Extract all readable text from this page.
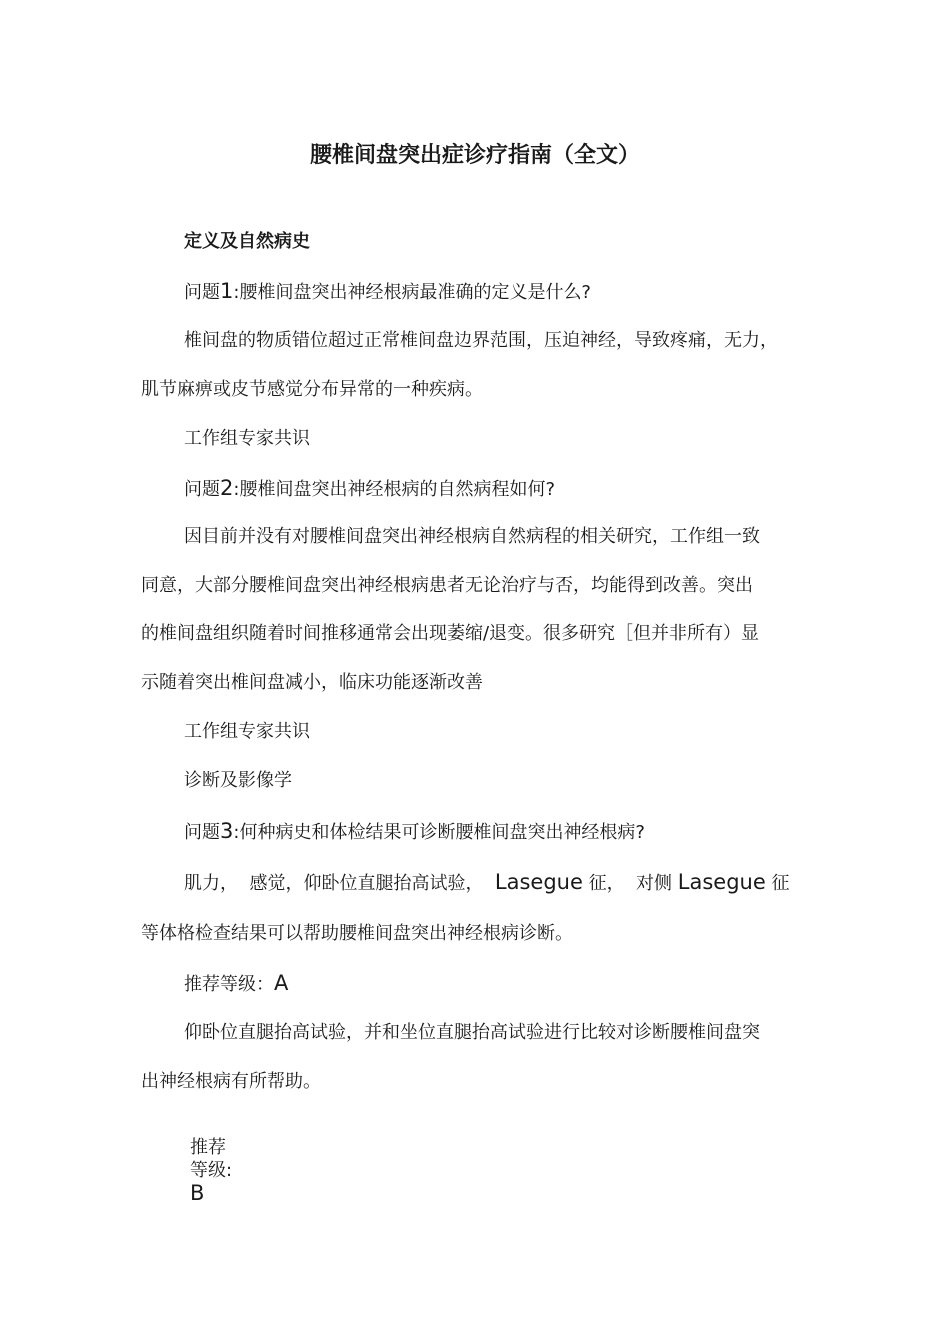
腰椎间盘突出症诊疗指南（全文）
定义及自然病史
问题1:腰椎间盘突出神经根病最准确的定义是什么?
椎间盘的物质错位超过正常椎间盘边界范围，压迫神经，导致疼痛，无力，
肌节麻痹或皮节感觉分布异常的一种疾病。
工作组专家共识
问题2:腰椎间盘突出神经根病的自然病程如何?
因目前并没有对腰椎间盘突出神经根病自然病程的相关研究，工作组一致
同意，大部分腰椎间盘突出神经根病患者无论治疗与否，均能得到改善。突出
的椎间盘组织随着时间推移通常会出现萎缩/退变。很多研究［但并非所有）显
示随着突出椎间盘减小，临床功能逐渐改善
工作组专家共识
诊断及影像学
问题3:何种病史和体检结果可诊断腰椎间盘突出神经根病?
肌力，  感觉，仰卧位直腿抬高试验，  Lasegue 征，  对侧 Lasegue 征
等体格检查结果可以帮助腰椎间盘突出神经根病诊断。
推荐等级：A
仰卧位直腿抬高试验，并和坐位直腿抬高试验进行比较对诊断腰椎间盘突
出神经根病有所帮助。
推荐
等级:
B
